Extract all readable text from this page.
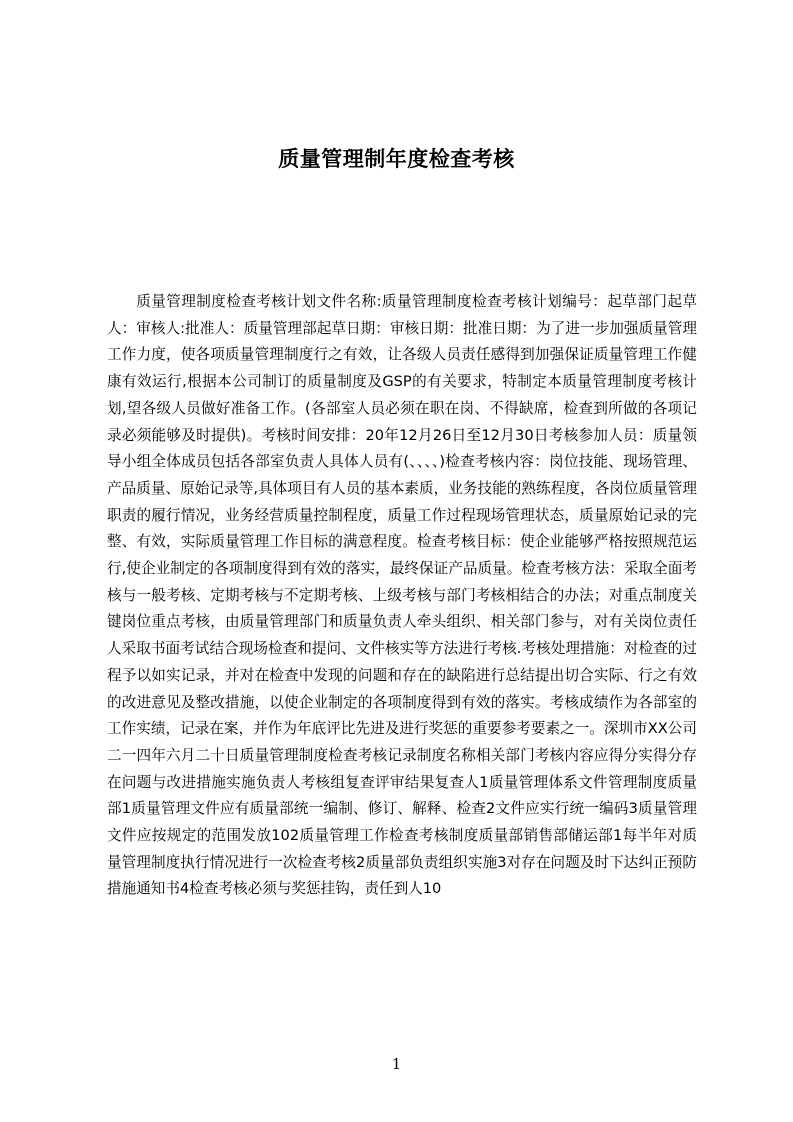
质量管理制年度检查考核

质量管理制度检查考核计划文件名称:质量管理制度检查考核计划编号：起草部门起草人：审核人:批准人：质量管理部起草日期：审核日期：批准日期：为了进一步加强质量管理工作力度，使各项质量管理制度行之有效，让各级人员责任感得到加强保证质量管理工作健康有效运行,根据本公司制订的质量制度及GSP的有关要求，特制定本质量管理制度考核计划,望各级人员做好准备工作。(各部室人员必须在职在岗、不得缺席，检查到所做的各项记录必须能够及时提供)。考核时间安排：20年12月26日至12月30日考核参加人员：质量领导小组全体成员包括各部室负责人具体人员有(、、、、)检查考核内容：岗位技能、现场管理、产品质量、原始记录等,具体项目有人员的基本素质，业务技能的熟练程度，各岗位质量管理职责的履行情况，业务经营质量控制程度，质量工作过程现场管理状态，质量原始记录的完整、有效，实际质量管理工作目标的满意程度。检查考核目标：使企业能够严格按照规范运行,使企业制定的各项制度得到有效的落实，最终保证产品质量。检查考核方法：采取全面考核与一般考核、定期考核与不定期考核、上级考核与部门考核相结合的办法；对重点制度关键岗位重点考核，由质量管理部门和质量负责人牵头组织、相关部门参与，对有关岗位责任人采取书面考试结合现场检查和提问、文件核实等方法进行考核.考核处理措施：对检查的过程予以如实记录，并对在检查中发现的问题和存在的缺陷进行总结提出切合实际、行之有效的改进意见及整改措施，以使企业制定的各项制度得到有效的落实。考核成绩作为各部室的工作实绩，记录在案，并作为年底评比先进及进行奖惩的重要参考要素之一。深圳市XX公司二一四年六月二十日质量管理制度检查考核记录制度名称相关部门考核内容应得分实得分存在问题与改进措施实施负责人考核组复查评审结果复查人1质量管理体系文件管理制度质量部1质量管理文件应有质量部统一编制、修订、解释、检查2文件应实行统一编码3质量管理文件应按规定的范围发放102质量管理工作检查考核制度质量部销售部储运部1每半年对质量管理制度执行情况进行一次检查考核2质量部负责组织实施3对存在问题及时下达纠正预防措施通知书4检查考核必须与奖惩挂钩，责任到人10

1
